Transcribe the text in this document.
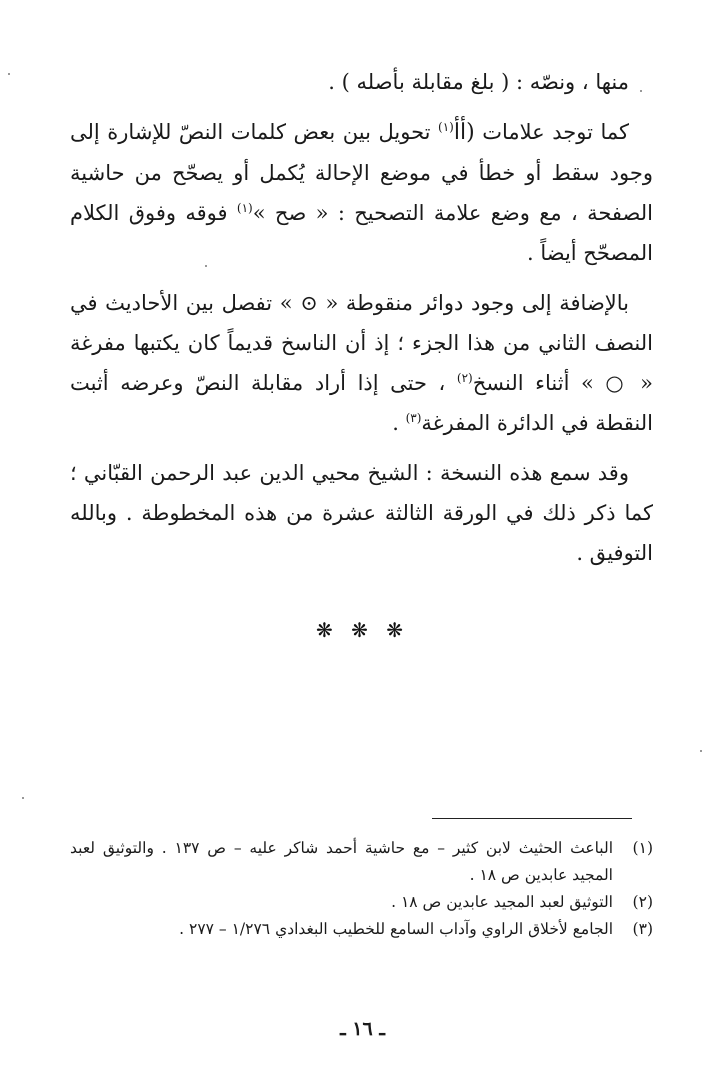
منها ، ونصّه : ( بلغ مقابلة بأصله ) .

كما توجد علامات (ﺃﺃ$^{(١)}$ تحويل بين بعض كلمات النصّ للإشارة إلى وجود سقط أو خطأ في موضع الإحالة يُكمل أو يصحّح من حاشية الصفحة ، مع وضع علامة التصحيح : « صح »$^{(١)}$ فوقه وفوق الكلام المصحّح أيضاً .

بالإضافة إلى وجود دوائر منقوطة « ⊙ » تفصل بين الأحاديث في النصف الثاني من هذا الجزء ؛ إذ أن الناسخ قديماً كان يكتبها مفرغة « ○ » أثناء النسخ$^{(٢)}$ ، حتى إذا أراد مقابلة النصّ وعرضه أثبت النقطة في الدائرة المفرغة$^{(٣)}$ .

وقد سمع هذه النسخة : الشيخ محيي الدين عبد الرحمن القبّاني ؛ كما ذكر ذلك في الورقة الثالثة عشرة من هذه المخطوطة . وبالله التوفيق .

❋ ❋ ❋
(١)
الباعث الحثيث لابن كثير – مع حاشية أحمد شاكر عليه – ص ١٣٧ . والتوثيق لعبد المجيد عابدين ص ١٨ .
(٢)
التوثيق لعبد المجيد عابدين ص ١٨ .
(٣)
الجامع لأخلاق الراوي وآداب السامع للخطيب البغدادي ١/٢٧٦ – ٢٧٧ .
ـ ١٦ ـ
